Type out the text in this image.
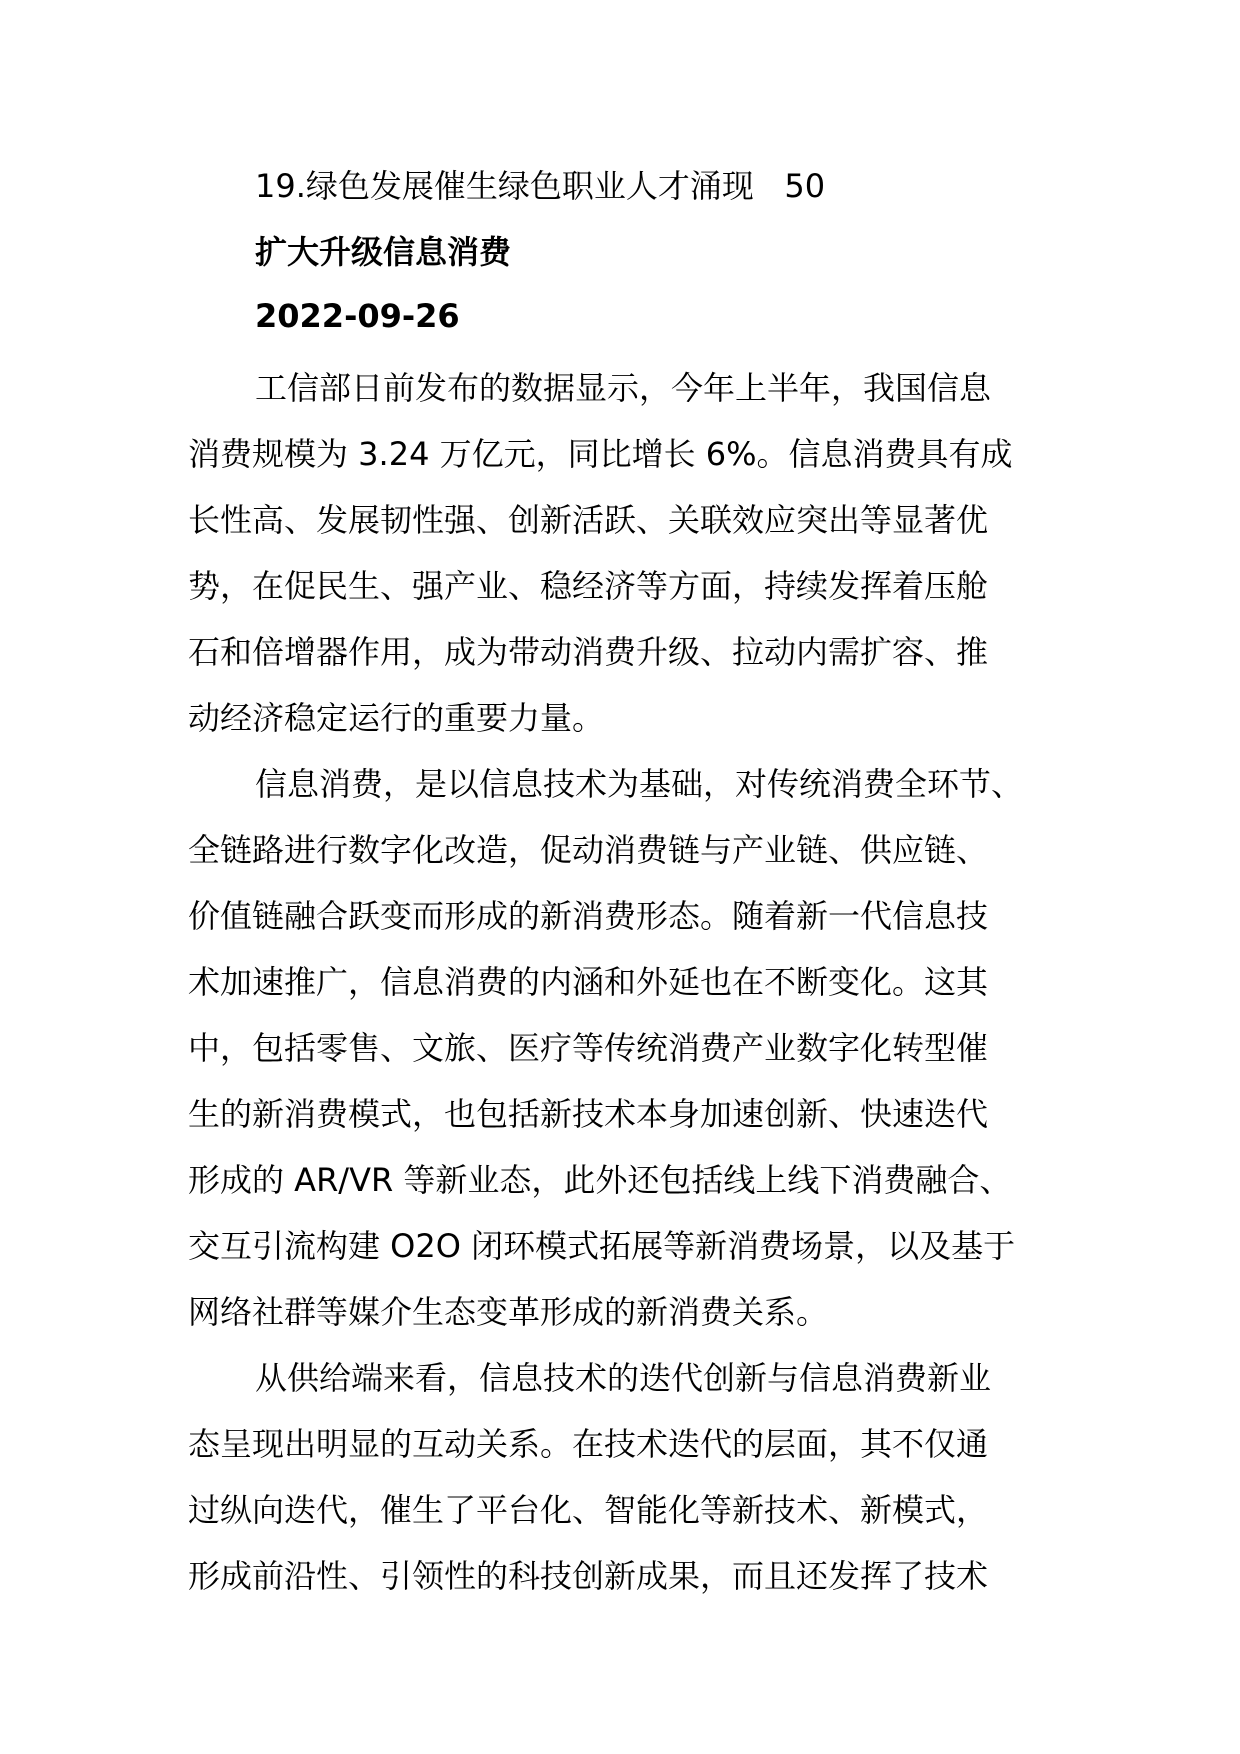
19.绿色发展催生绿色职业人才涌现   50
扩大升级信息消费
2022-09-26

工信部日前发布的数据显示，今年上半年，我国信息
消费规模为 3.24 万亿元，同比增长 6%。信息消费具有成
长性高、发展韧性强、创新活跃、关联效应突出等显著优
势，在促民生、强产业、稳经济等方面，持续发挥着压舱
石和倍增器作用，成为带动消费升级、拉动内需扩容、推
动经济稳定运行的重要力量。

信息消费，是以信息技术为基础，对传统消费全环节、
全链路进行数字化改造，促动消费链与产业链、供应链、
价值链融合跃变而形成的新消费形态。随着新一代信息技
术加速推广，信息消费的内涵和外延也在不断变化。这其
中，包括零售、文旅、医疗等传统消费产业数字化转型催
生的新消费模式，也包括新技术本身加速创新、快速迭代
形成的 AR/VR 等新业态，此外还包括线上线下消费融合、
交互引流构建 O2O 闭环模式拓展等新消费场景，以及基于
网络社群等媒介生态变革形成的新消费关系。

从供给端来看，信息技术的迭代创新与信息消费新业
态呈现出明显的互动关系。在技术迭代的层面，其不仅通
过纵向迭代，催生了平台化、智能化等新技术、新模式，
形成前沿性、引领性的科技创新成果，而且还发挥了技术
